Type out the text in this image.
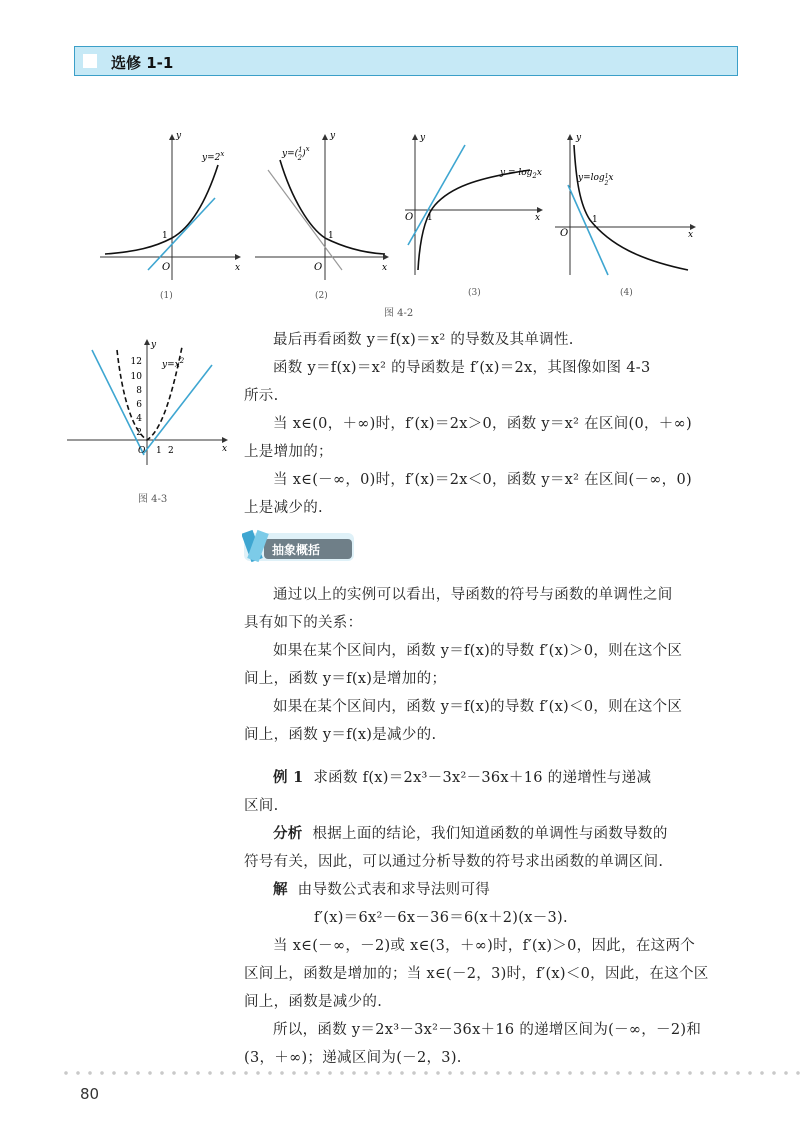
选修 1-1
O
1
x
y
$y=2^x$
(1)
O
1
x
y
y=($^1$ 2)$^x$
(2)
O 1	x
y
$y = \log_2x$
(3)
O
1
x
y
$y=\log^1$ 2x
(4)
图 4-2
12
10
8
6
4
2
1 2
O	x
y
$y=x^2$
图 4-3

最后再看函数 y＝f(x)＝x² 的导数及其单调性.

函数 y＝f(x)＝x² 的导函数是 f′(x)＝2x，其图像如图 4-3

所示.

当 x∈(0，＋∞)时，f′(x)＝2x＞0，函数 y＝x² 在区间(0，＋∞)

上是增加的；

当 x∈(－∞，0)时，f′(x)＝2x＜0，函数 y＝x² 在区间(－∞，0)

上是减少的.

抽象概括

通过以上的实例可以看出，导函数的符号与函数的单调性之间

具有如下的关系：

如果在某个区间内，函数 y＝f(x)的导数 f′(x)＞0，则在这个区

间上，函数 y＝f(x)是增加的；

如果在某个区间内，函数 y＝f(x)的导数 f′(x)＜0，则在这个区

间上，函数 y＝f(x)是减少的.

例 1 求函数 f(x)＝2x³－3x²－36x＋16 的递增性与递减

区间.

分析 根据上面的结论，我们知道函数的单调性与函数导数的

符号有关，因此，可以通过分析导数的符号求出函数的单调区间.

解 由导数公式表和求导法则可得

f′(x)＝6x²－6x－36＝6(x＋2)(x－3).

当 x∈(－∞，－2)或 x∈(3，＋∞)时，f′(x)＞0，因此，在这两个

区间上，函数是增加的；当 x∈(－2，3)时，f′(x)＜0，因此，在这个区

间上，函数是减少的.

所以，函数 y＝2x³－3x²－36x＋16 的递增区间为(－∞，－2)和

(3，＋∞)；递减区间为(－2，3).

80
